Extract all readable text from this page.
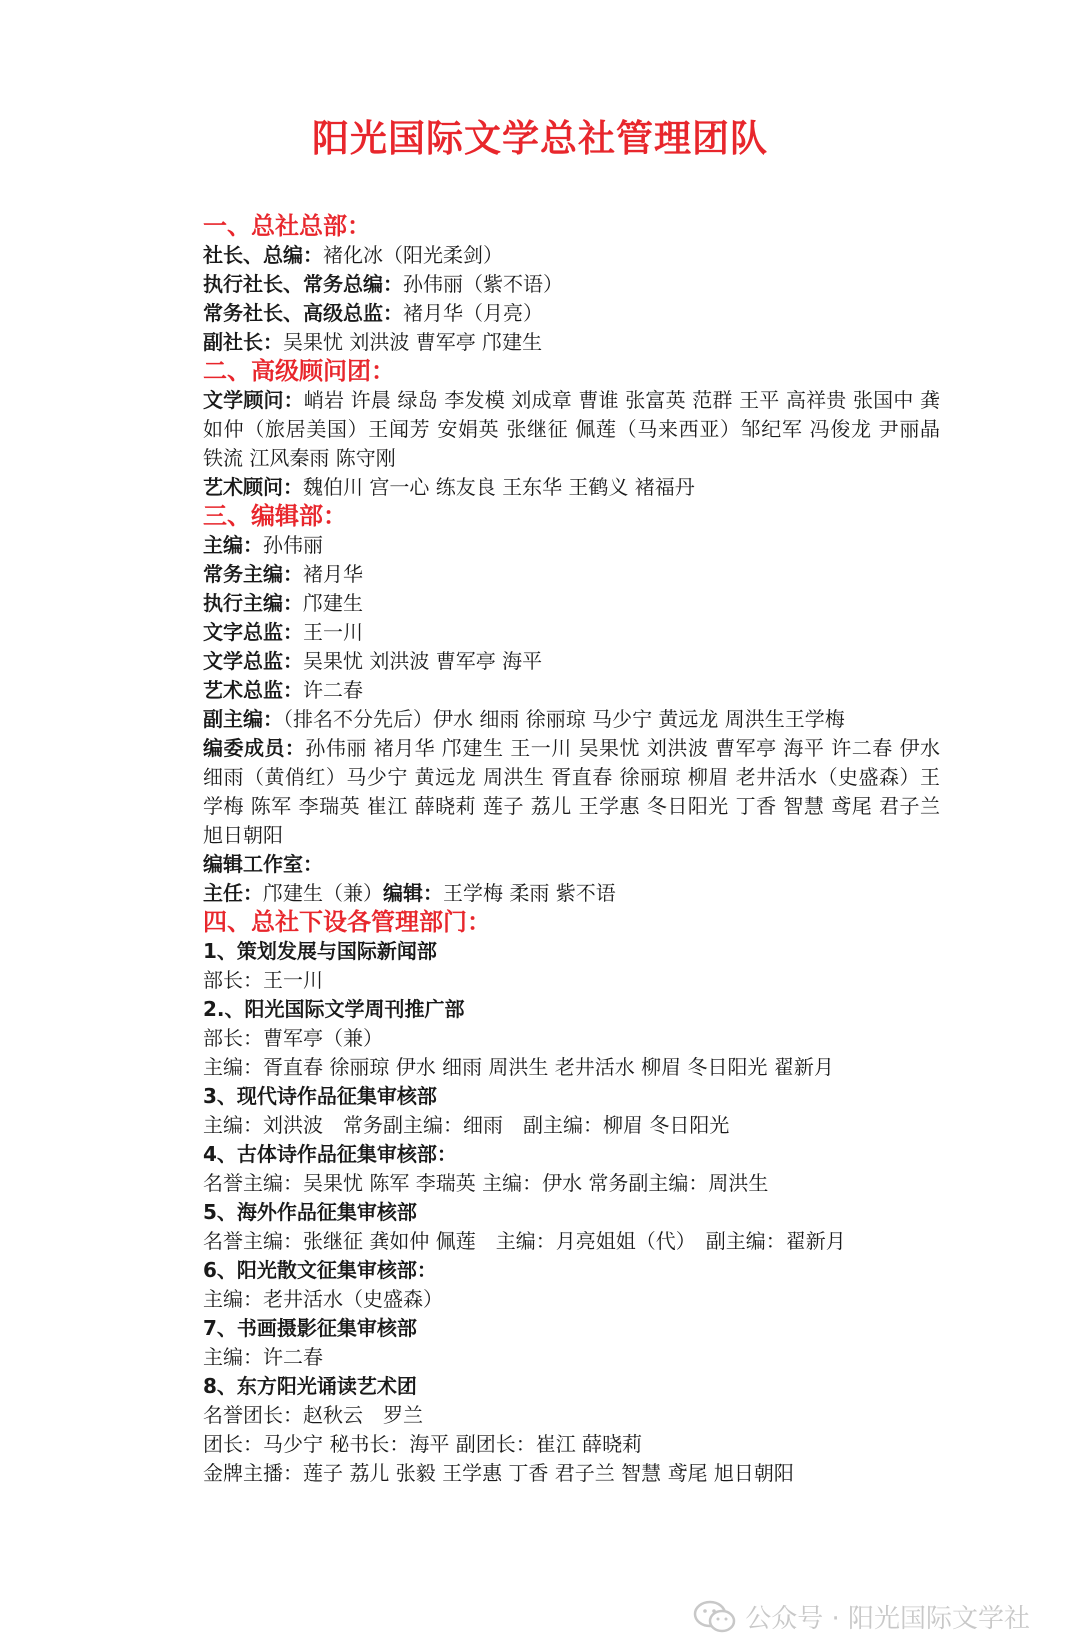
阳光国际文学总社管理团队

一、总社总部：

社长、总编：褚化冰（阳光柔剑）

执行社长、常务总编：孙伟丽（紫不语）

常务社长、高级总监：褚月华（月亮）

副社长：吴果忧 刘洪波 曹军亭 邝建生

二、高级顾问团：

文学顾问：峭岩 许晨 绿岛 李发模 刘成章 曹谁 张富英 范群 王平 高祥贵 张国中 龚如仲（旅居美国）王闻芳 安娟英 张继征 佩莲（马来西亚）邹纪军 冯俊龙 尹丽晶 铁流 江风秦雨 陈守刚

艺术顾问：魏伯川 宫一心 练友良 王东华 王鹤义 褚福丹

三、编辑部：

主编：孙伟丽

常务主编：褚月华

执行主编：邝建生

文字总监：王一川

文学总监：吴果忧 刘洪波 曹军亭 海平

艺术总监：许二春

副主编：（排名不分先后）伊水 细雨 徐丽琼 马少宁 黄远龙 周洪生王学梅

编委成员：孙伟丽 褚月华 邝建生 王一川 吴果忧 刘洪波 曹军亭 海平 许二春 伊水 细雨（黄俏红）马少宁 黄远龙 周洪生 胥直春 徐丽琼 柳眉 老井活水（史盛森）王学梅 陈军 李瑞英 崔江 薛晓莉 莲子 荔儿 王学惠 冬日阳光 丁香 智慧 鸢尾 君子兰 旭日朝阳

编辑工作室：

主任：邝建生（兼）编辑：王学梅 柔雨 紫不语

四、总社下设各管理部门：

1、策划发展与国际新闻部

部长：王一川

2.、阳光国际文学周刊推广部

部长：曹军亭（兼）

主编：胥直春 徐丽琼 伊水 细雨 周洪生 老井活水 柳眉 冬日阳光 翟新月

3、现代诗作品征集审核部

主编：刘洪波　常务副主编：细雨　副主编：柳眉 冬日阳光

4、古体诗作品征集审核部：

名誉主编：吴果忧 陈军 李瑞英 主编：伊水 常务副主编：周洪生

5、海外作品征集审核部

名誉主编：张继征 龚如仲 佩莲　主编：月亮姐姐（代）　副主编：翟新月

6、阳光散文征集审核部：

主编：老井活水（史盛森）

7、书画摄影征集审核部

主编：许二春

8、东方阳光诵读艺术团

名誉团长：赵秋云　罗兰

团长：马少宁 秘书长：海平 副团长：崔江 薛晓莉

金牌主播：莲子 荔儿 张毅 王学惠 丁香 君子兰 智慧 鸢尾 旭日朝阳

公众号 · 阳光国际文学社
